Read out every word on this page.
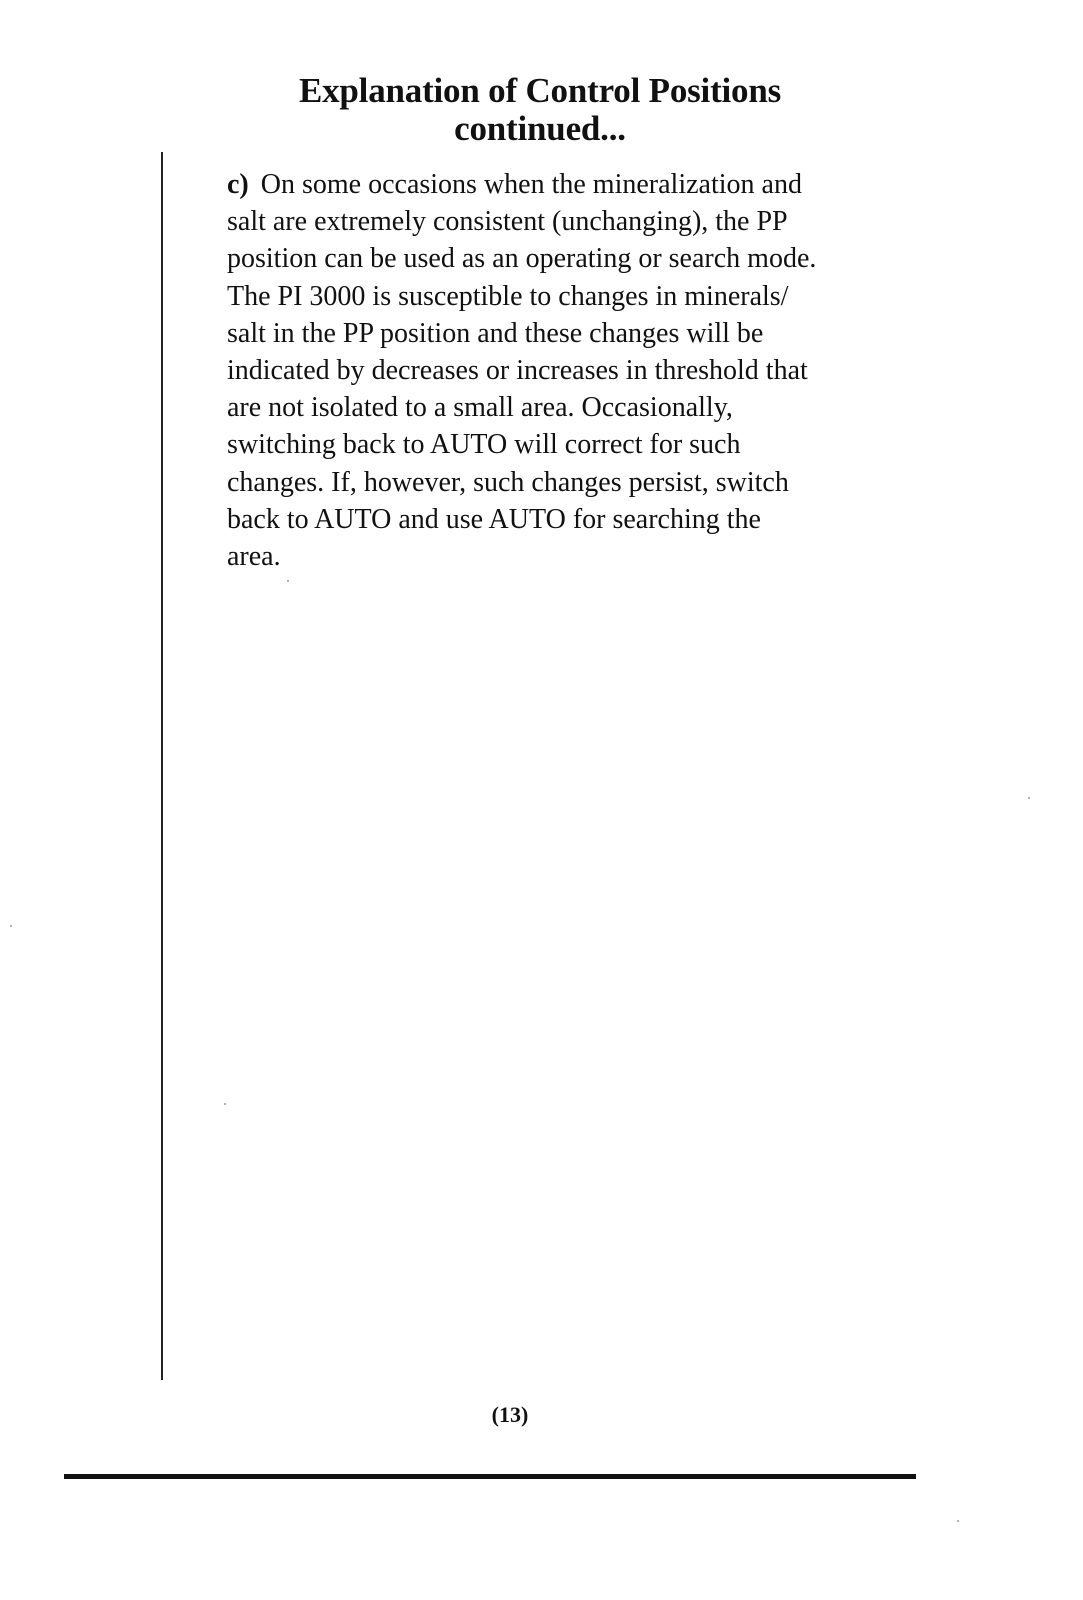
Explanation of Control Positions
continued...
c) On some occasions when the mineralization and
salt are extremely consistent (unchanging), the PP
position can be used as an operating or search mode.
The PI 3000 is susceptible to changes in minerals/
salt in the PP position and these changes will be
indicated by decreases or increases in threshold that
are not isolated to a small area. Occasionally,
switching back to AUTO will correct for such
changes. If, however, such changes persist, switch
back to AUTO and use AUTO for searching the
area.
(13)
